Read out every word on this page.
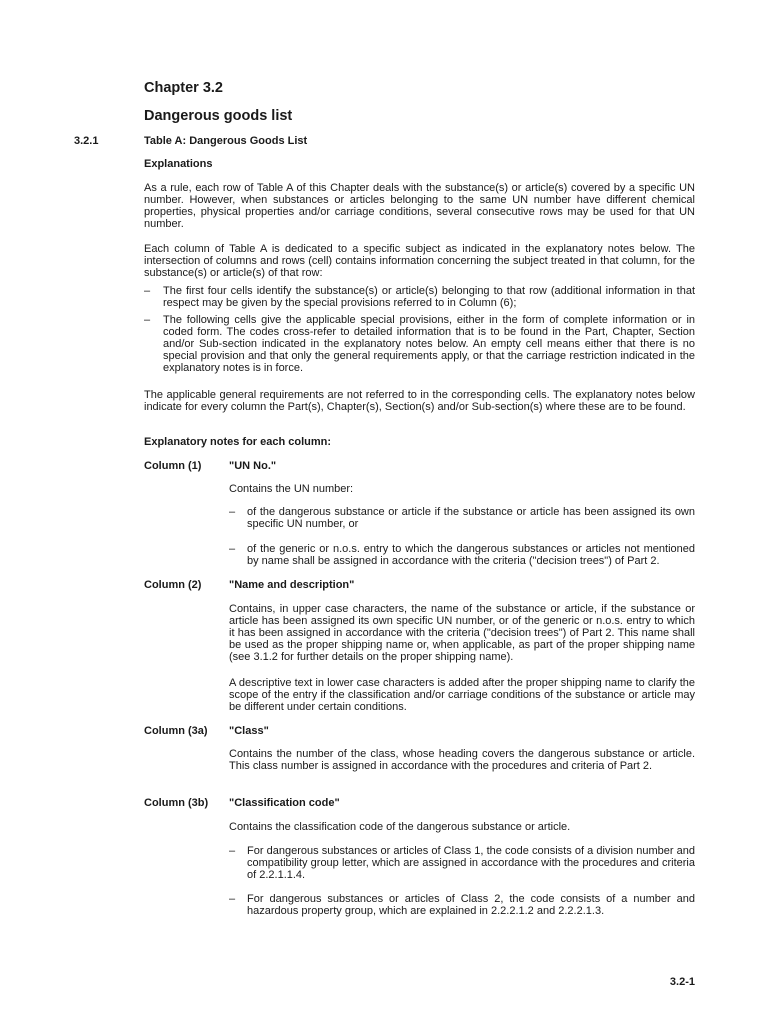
Chapter 3.2
Dangerous goods list
3.2.1	Table A: Dangerous Goods List
Explanations
As a rule, each row of Table A of this Chapter deals with the substance(s) or article(s) covered by a specific UN number. However, when substances or articles belonging to the same UN number have different chemical properties, physical properties and/or carriage conditions, several consecutive rows may be used for that UN number.
Each column of Table A is dedicated to a specific subject as indicated in the explanatory notes below. The intersection of columns and rows (cell) contains information concerning the subject treated in that column, for the substance(s) or article(s) of that row:
– The first four cells identify the substance(s) or article(s) belonging to that row (additional information in that respect may be given by the special provisions referred to in Column (6);
– The following cells give the applicable special provisions, either in the form of complete information or in coded form. The codes cross-refer to detailed information that is to be found in the Part, Chapter, Section and/or Sub-section indicated in the explanatory notes below. An empty cell means either that there is no special provision and that only the general requirements apply, or that the carriage restriction indicated in the explanatory notes is in force.
The applicable general requirements are not referred to in the corresponding cells. The explanatory notes below indicate for every column the Part(s), Chapter(s), Section(s) and/or Sub-section(s) where these are to be found.
Explanatory notes for each column:
Column (1)	"UN No."
Contains the UN number:
– of the dangerous substance or article if the substance or article has been assigned its own specific UN number, or
– of the generic or n.o.s. entry to which the dangerous substances or articles not mentioned by name shall be assigned in accordance with the criteria ("decision trees") of Part 2.
Column (2)	"Name and description"
Contains, in upper case characters, the name of the substance or article, if the substance or article has been assigned its own specific UN number, or of the generic or n.o.s. entry to which it has been assigned in accordance with the criteria ("decision trees") of Part 2. This name shall be used as the proper shipping name or, when applicable, as part of the proper shipping name (see 3.1.2 for further details on the proper shipping name).
A descriptive text in lower case characters is added after the proper shipping name to clarify the scope of the entry if the classification and/or carriage conditions of the substance or article may be different under certain conditions.
Column (3a) "Class"
Contains the number of the class, whose heading covers the dangerous substance or article. This class number is assigned in accordance with the procedures and criteria of Part 2.
Column (3b) "Classification code"
Contains the classification code of the dangerous substance or article.
– For dangerous substances or articles of Class 1, the code consists of a division number and compatibility group letter, which are assigned in accordance with the procedures and criteria of 2.2.1.1.4.
– For dangerous substances or articles of Class 2, the code consists of a number and hazardous property group, which are explained in 2.2.2.1.2 and 2.2.2.1.3.
3.2-1
